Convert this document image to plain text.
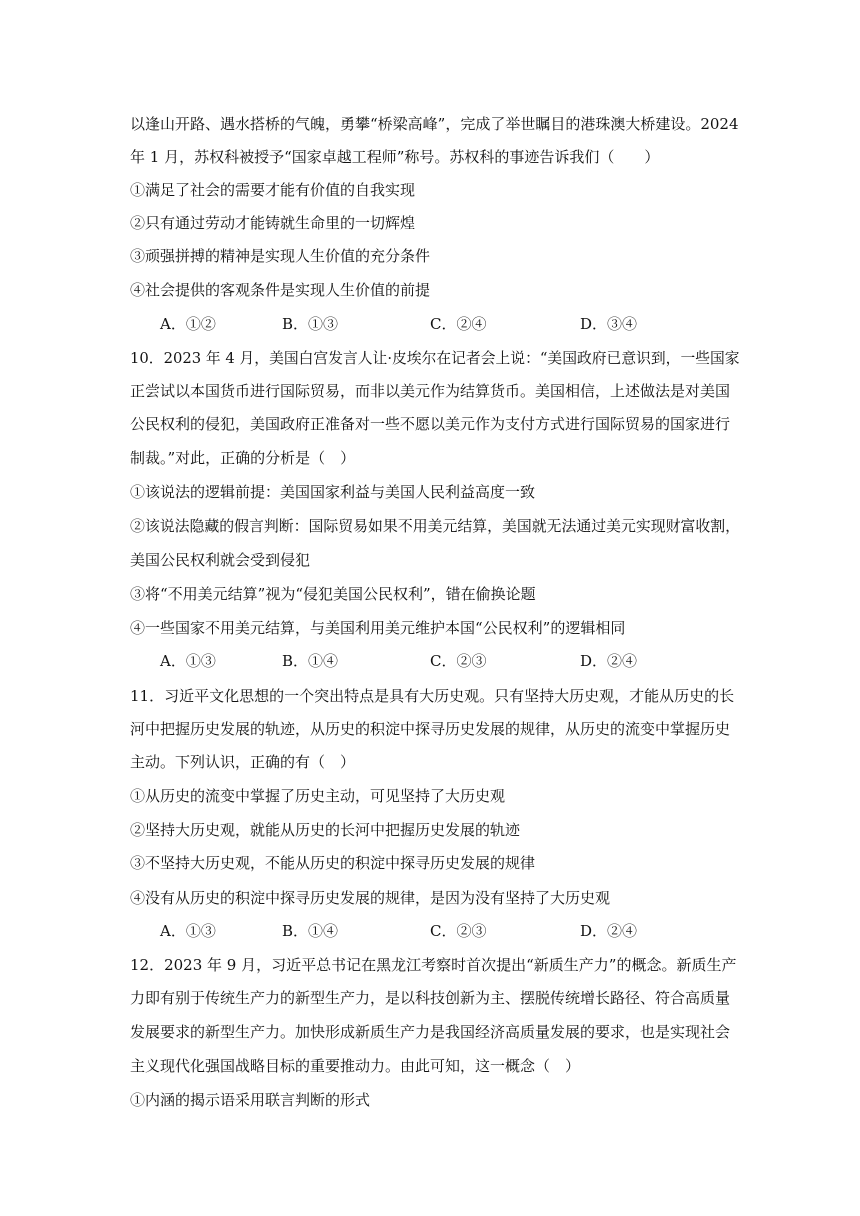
以逢山开路、遇水搭桥的气魄，勇攀“桥梁高峰”，完成了举世瞩目的港珠澳大桥建设。2024
年 1 月，苏权科被授予“国家卓越工程师”称号。苏权科的事迹告诉我们（　　）
①满足了社会的需要才能有价值的自我实现
②只有通过劳动才能铸就生命里的一切辉煌
③顽强拼搏的精神是实现人生价值的充分条件
④社会提供的客观条件是实现人生价值的前提
A．①②	B．①③	C．②④	D．③④
10．2023 年 4 月，美国白宫发言人让·皮埃尔在记者会上说：“美国政府已意识到，一些国家
正尝试以本国货币进行国际贸易，而非以美元作为结算货币。美国相信，上述做法是对美国
公民权利的侵犯，美国政府正准备对一些不愿以美元作为支付方式进行国际贸易的国家进行
制裁。”对此，正确的分析是（　）
①该说法的逻辑前提：美国国家利益与美国人民利益高度一致
②该说法隐藏的假言判断：国际贸易如果不用美元结算，美国就无法通过美元实现财富收割，
美国公民权利就会受到侵犯
③将“不用美元结算”视为“侵犯美国公民权利”，错在偷换论题
④一些国家不用美元结算，与美国利用美元维护本国“公民权利”的逻辑相同
A．①③	B．①④	C．②③	D．②④
11．习近平文化思想的一个突出特点是具有大历史观。只有坚持大历史观，才能从历史的长
河中把握历史发展的轨迹，从历史的积淀中探寻历史发展的规律，从历史的流变中掌握历史
主动。下列认识，正确的有（　）
①从历史的流变中掌握了历史主动，可见坚持了大历史观
②坚持大历史观，就能从历史的长河中把握历史发展的轨迹
③不坚持大历史观，不能从历史的积淀中探寻历史发展的规律
④没有从历史的积淀中探寻历史发展的规律，是因为没有坚持了大历史观
A．①③	B．①④	C．②③	D．②④
12．2023 年 9 月，习近平总书记在黑龙江考察时首次提出“新质生产力”的概念。新质生产
力即有别于传统生产力的新型生产力，是以科技创新为主、摆脱传统增长路径、符合高质量
发展要求的新型生产力。加快形成新质生产力是我国经济高质量发展的要求，也是实现社会
主义现代化强国战略目标的重要推动力。由此可知，这一概念（　）
①内涵的揭示语采用联言判断的形式
